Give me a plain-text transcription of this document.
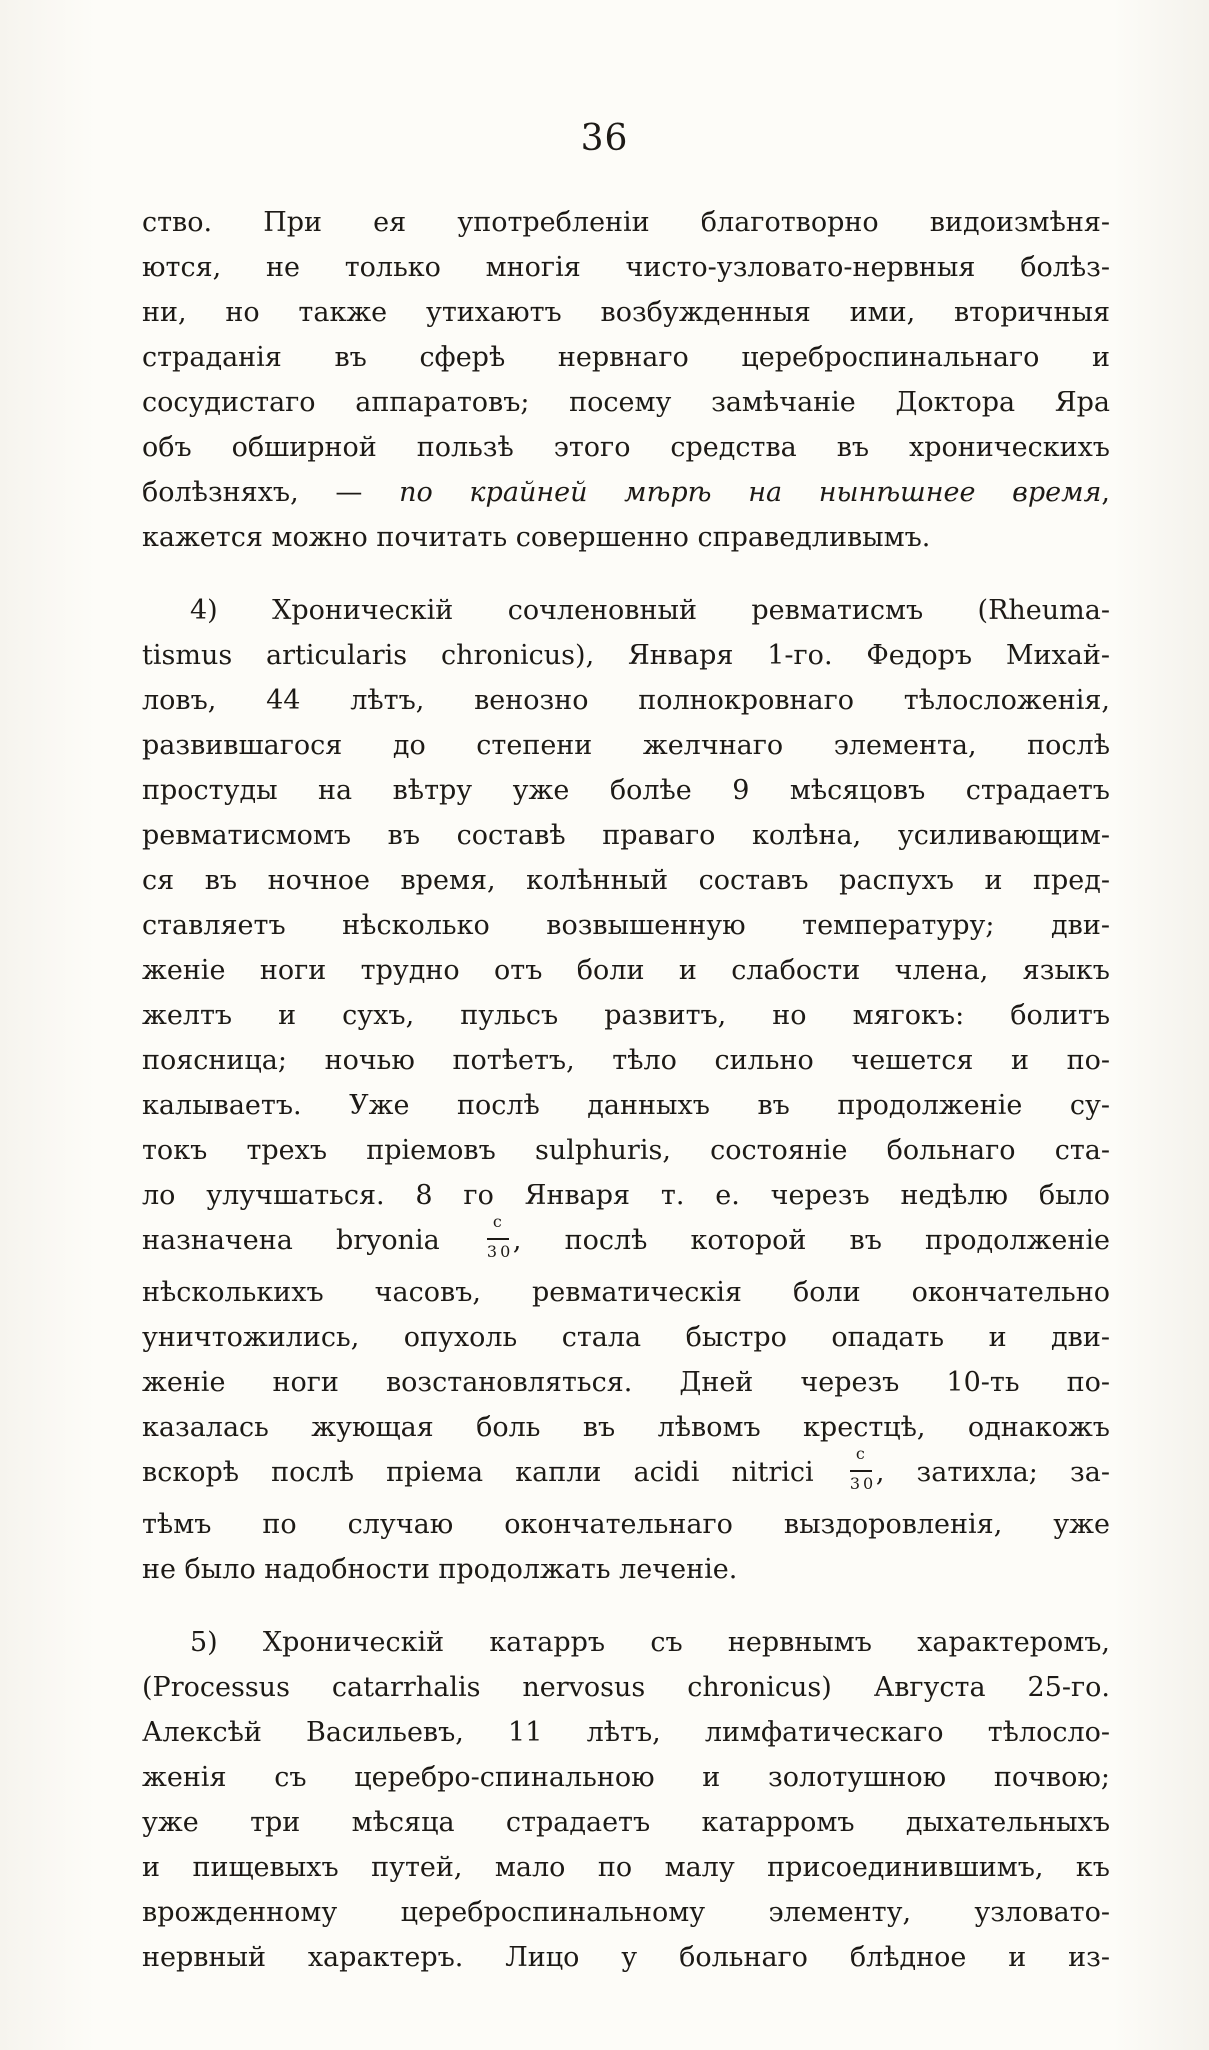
36
ство. При ея употребленіи благотворно видоизмѣня-
ются, не только многія чисто-узловато-нервныя болѣз-
ни, но также утихаютъ возбужденныя ими, вторичныя
страданія въ сферѣ нервнаго цереброспинальнаго и
сосудистаго аппаратовъ; посему замѣчаніе Доктора Яра
объ обширной пользѣ этого средства въ хроническихъ
болѣзняхъ, — по крайней мѣрѣ на нынѣшнее время,
кажется можно почитать совершенно справедливымъ.
4) Хроническій сочленовный ревматисмъ (Rheuma-
tismus articularis chronicus), Января 1-го. Федоръ Михай-
ловъ, 44 лѣтъ, венозно полнокровнаго тѣлосложенія,
развившагося до степени желчнаго элемента, послѣ
простуды на вѣтру уже болѣе 9 мѣсяцовъ страдаетъ
ревматисмомъ въ составѣ праваго колѣна, усиливающим-
ся въ ночное время, колѣнный составъ распухъ и пред-
ставляетъ нѣсколько возвышенную температуру; дви-
женіе ноги трудно отъ боли и слабости члена, языкъ
желтъ и сухъ, пульсъ развитъ, но мягокъ: болитъ
поясница; ночью потѣетъ, тѣло сильно чешется и по-
калываетъ. Уже послѣ данныхъ въ продолженіе су-
токъ трехъ пріемовъ sulphuris, состояніе больнаго ста-
ло улучшаться. 8 го Января т. е. черезъ недѣлю было
назначена bryonia	$\frac{c}{30}$ , послѣ которой въ продолженіе
нѣсколькихъ часовъ, ревматическія боли окончательно
уничтожились, опухоль стала быстро опадать и дви-
женіе ноги возстановляться. Дней черезъ 10-ть по-
казалась жующая боль въ лѣвомъ крестцѣ, однакожъ
вскорѣ послѣ пріема капли acidi nitrici $\frac{c}{30}$ , затихла; за-
тѣмъ по случаю окончательнаго выздоровленія, уже
не было надобности продолжать леченіе.
5) Хроническій катарръ съ нервнымъ характеромъ,
(Processus catarrhalis nervosus chronicus) Августа 25-го.
Алексѣй Васильевъ, 11 лѣтъ, лимфатическаго тѣлосло-
женія съ церебро-спинальною и золотушною почвою;
уже три мѣсяца страдаетъ катарромъ дыхательныхъ
и пищевыхъ путей, мало по малу присоединившимъ, къ
врожденному цереброспинальному элементу, узловато-
нервный характеръ. Лицо у больнаго блѣдное и из-
